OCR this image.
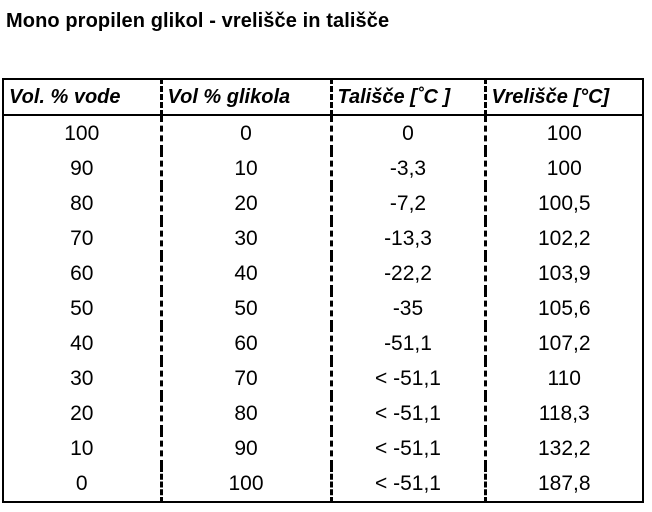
Mono propilen glikol - vrelišče in tališče
Vol. % vode	Vol % glikola	Tališče [˚C ]	Vrelišče [°C]
100	0	0	100
90	10	-3,3	100
80	20	-7,2	100,5
70	30	-13,3	102,2
60	40	-22,2	103,9
50	50	-35	105,6
40	60	-51,1	107,2
30	70	< -51,1	110
20	80	< -51,1	118,3
10	90	< -51,1	132,2
0	100	< -51,1	187,8
